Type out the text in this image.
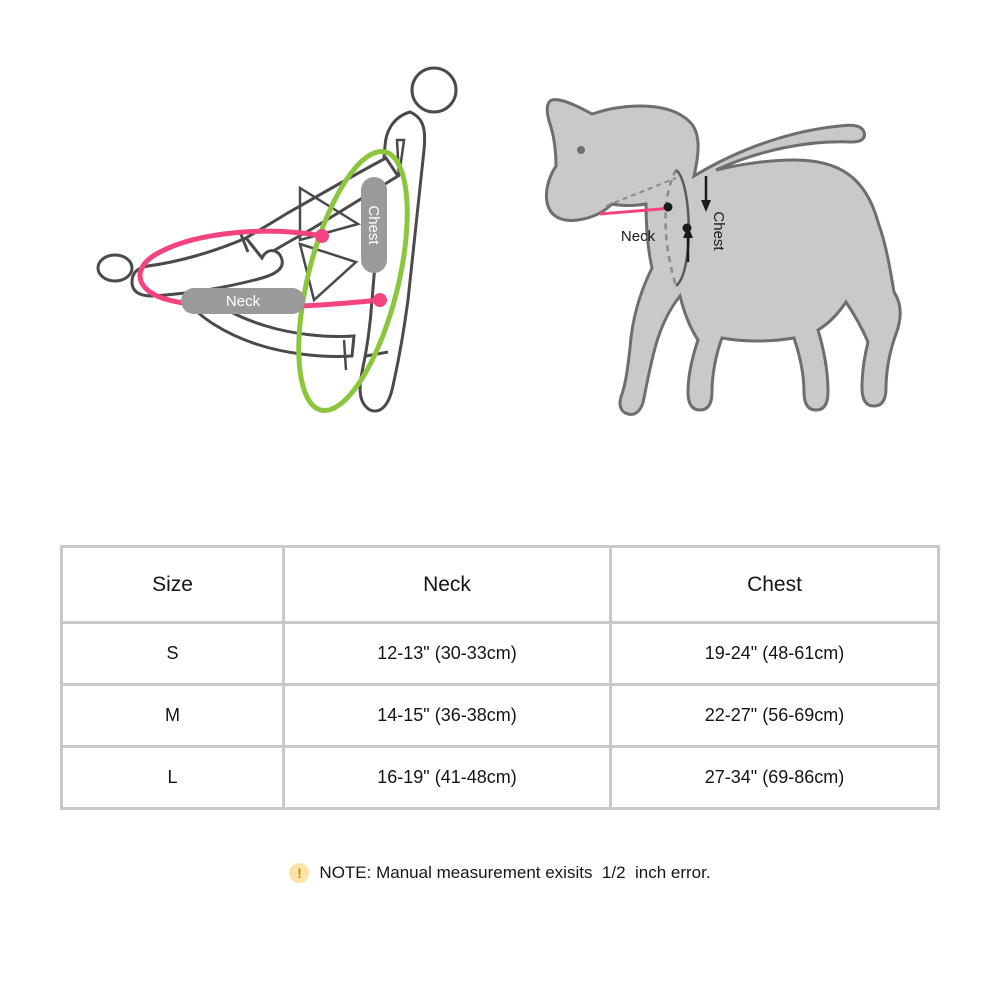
Chest
Neck
Neck	Chest
Size	Neck	Chest
S	12-13" (30-33cm)	19-24" (48-61cm)
M	14-15" (36-38cm)	22-27" (56-69cm)
L	16-19" (41-48cm)	27-34" (69-86cm)
!	NOTE: Manual measurement exisits  1/2  inch error.
